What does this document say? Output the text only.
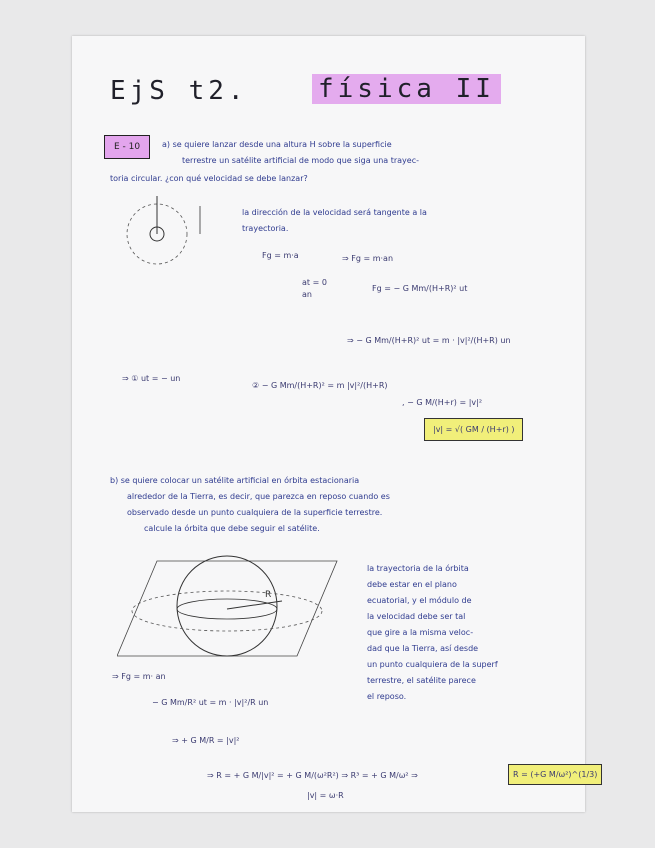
EjS t2.	física II
E - 10	a) se quiere lanzar desde una altura H sobre la superficie
terrestre un satélite artificial de modo que siga una trayec-
toria circular. ¿con qué velocidad se debe lanzar?
la dirección de la velocidad será tangente a la
trayectoria.
Fg = m·a	⇒ Fg = m·an
at = 0
an
Fg = − G Mm/(H+R)² ut
⇒ − G Mm/(H+R)² ut = m · |v|²/(H+R) un
⇒ ① ut = − un
② − G Mm/(H+R)² = m |v|²/(H+R)
, − G M/(H+r) = |v|²
|v| = √( GM / (H+r) )
b) se quiere colocar un satélite artificial en órbita estacionaria
alrededor de la Tierra, es decir, que parezca en reposo cuando es
observado desde un punto cualquiera de la superficie terrestre.
calcule la órbita que debe seguir el satélite.
R
la trayectoria de la órbita
debe estar en el plano
ecuatorial, y el módulo de
la velocidad debe ser tal
que gire a la misma veloc-
dad que la Tierra, así desde
un punto cualquiera de la superf
terrestre, el satélite parece
el reposo.
⇒ Fg = m· an
− G Mm/R² ut = m · |v|²/R un
⇒ + G M/R = |v|²
⇒ R = + G M/|v|² = + G M/(ω²R²) ⇒ R³ = + G M/ω² ⇒
|v| = ω·R
R = (+G M/ω²)^(1/3)
